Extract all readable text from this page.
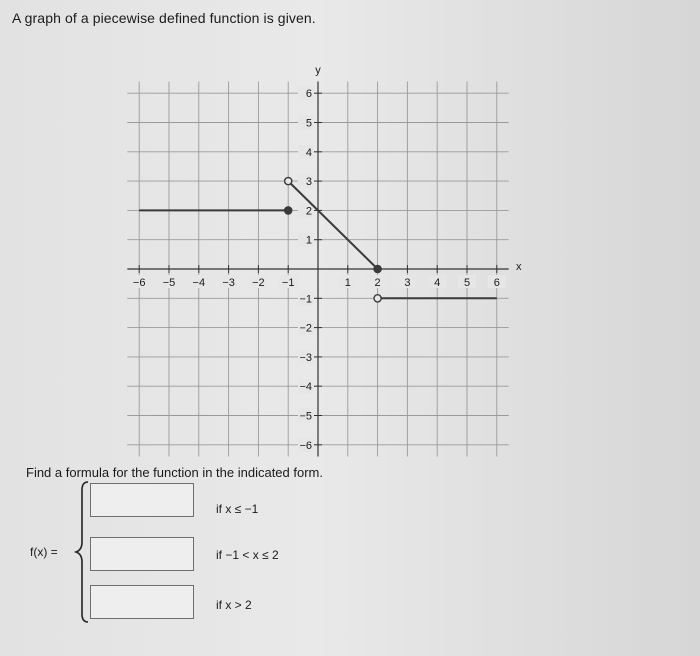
A graph of a piecewise defined function is given.
−6 −5 −4 −3 −2 −1	1 2 3 4 5 6
6
5
4
3
2
1
−1
−2
−3
−4
−5
−6
y
x
Find a formula for the function in the indicated form.
f(x) =
if x ≤ −1
if −1 < x ≤ 2
if x > 2
